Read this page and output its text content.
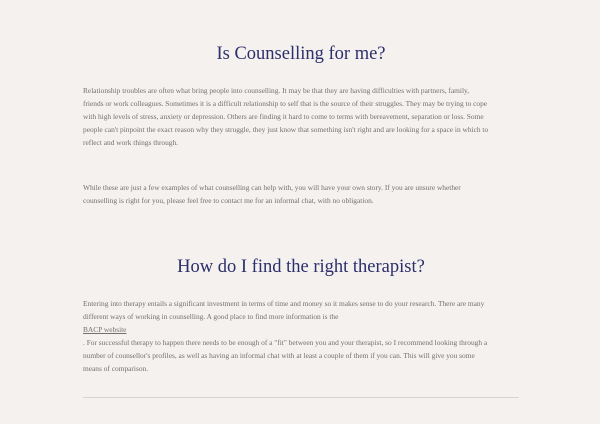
Is Counselling for me?

Relationship troubles are often what bring people into counselling. It may be that they are having difficulties with partners, family,
friends or work colleagues. Sometimes it is a difficult relationship to self that is the source of their struggles. They may be trying to cope
with high levels of stress, anxiety or depression. Others are finding it hard to come to terms with bereavement, separation or loss. Some
people can't pinpoint the exact reason why they struggle, they just know that something isn't right and are looking for a space in which to
reflect and work things through.

While these are just a few examples of what counselling can help with, you will have your own story. If you are unsure whether
counselling is right for you, please feel free to contact me for an informal chat, with no obligation.

How do I find the right therapist?

Entering into therapy entails a significant investment in terms of time and money so it makes sense to do your research. There are many
different ways of working in counselling. A good place to find more information is the

BACP website

. For successful therapy to happen there needs to be enough of a "fit" between you and your therapist, so I recommend looking through a
number of counsellor's profiles, as well as having an informal chat with at least a couple of them if you can. This will give you some
means of comparison.
